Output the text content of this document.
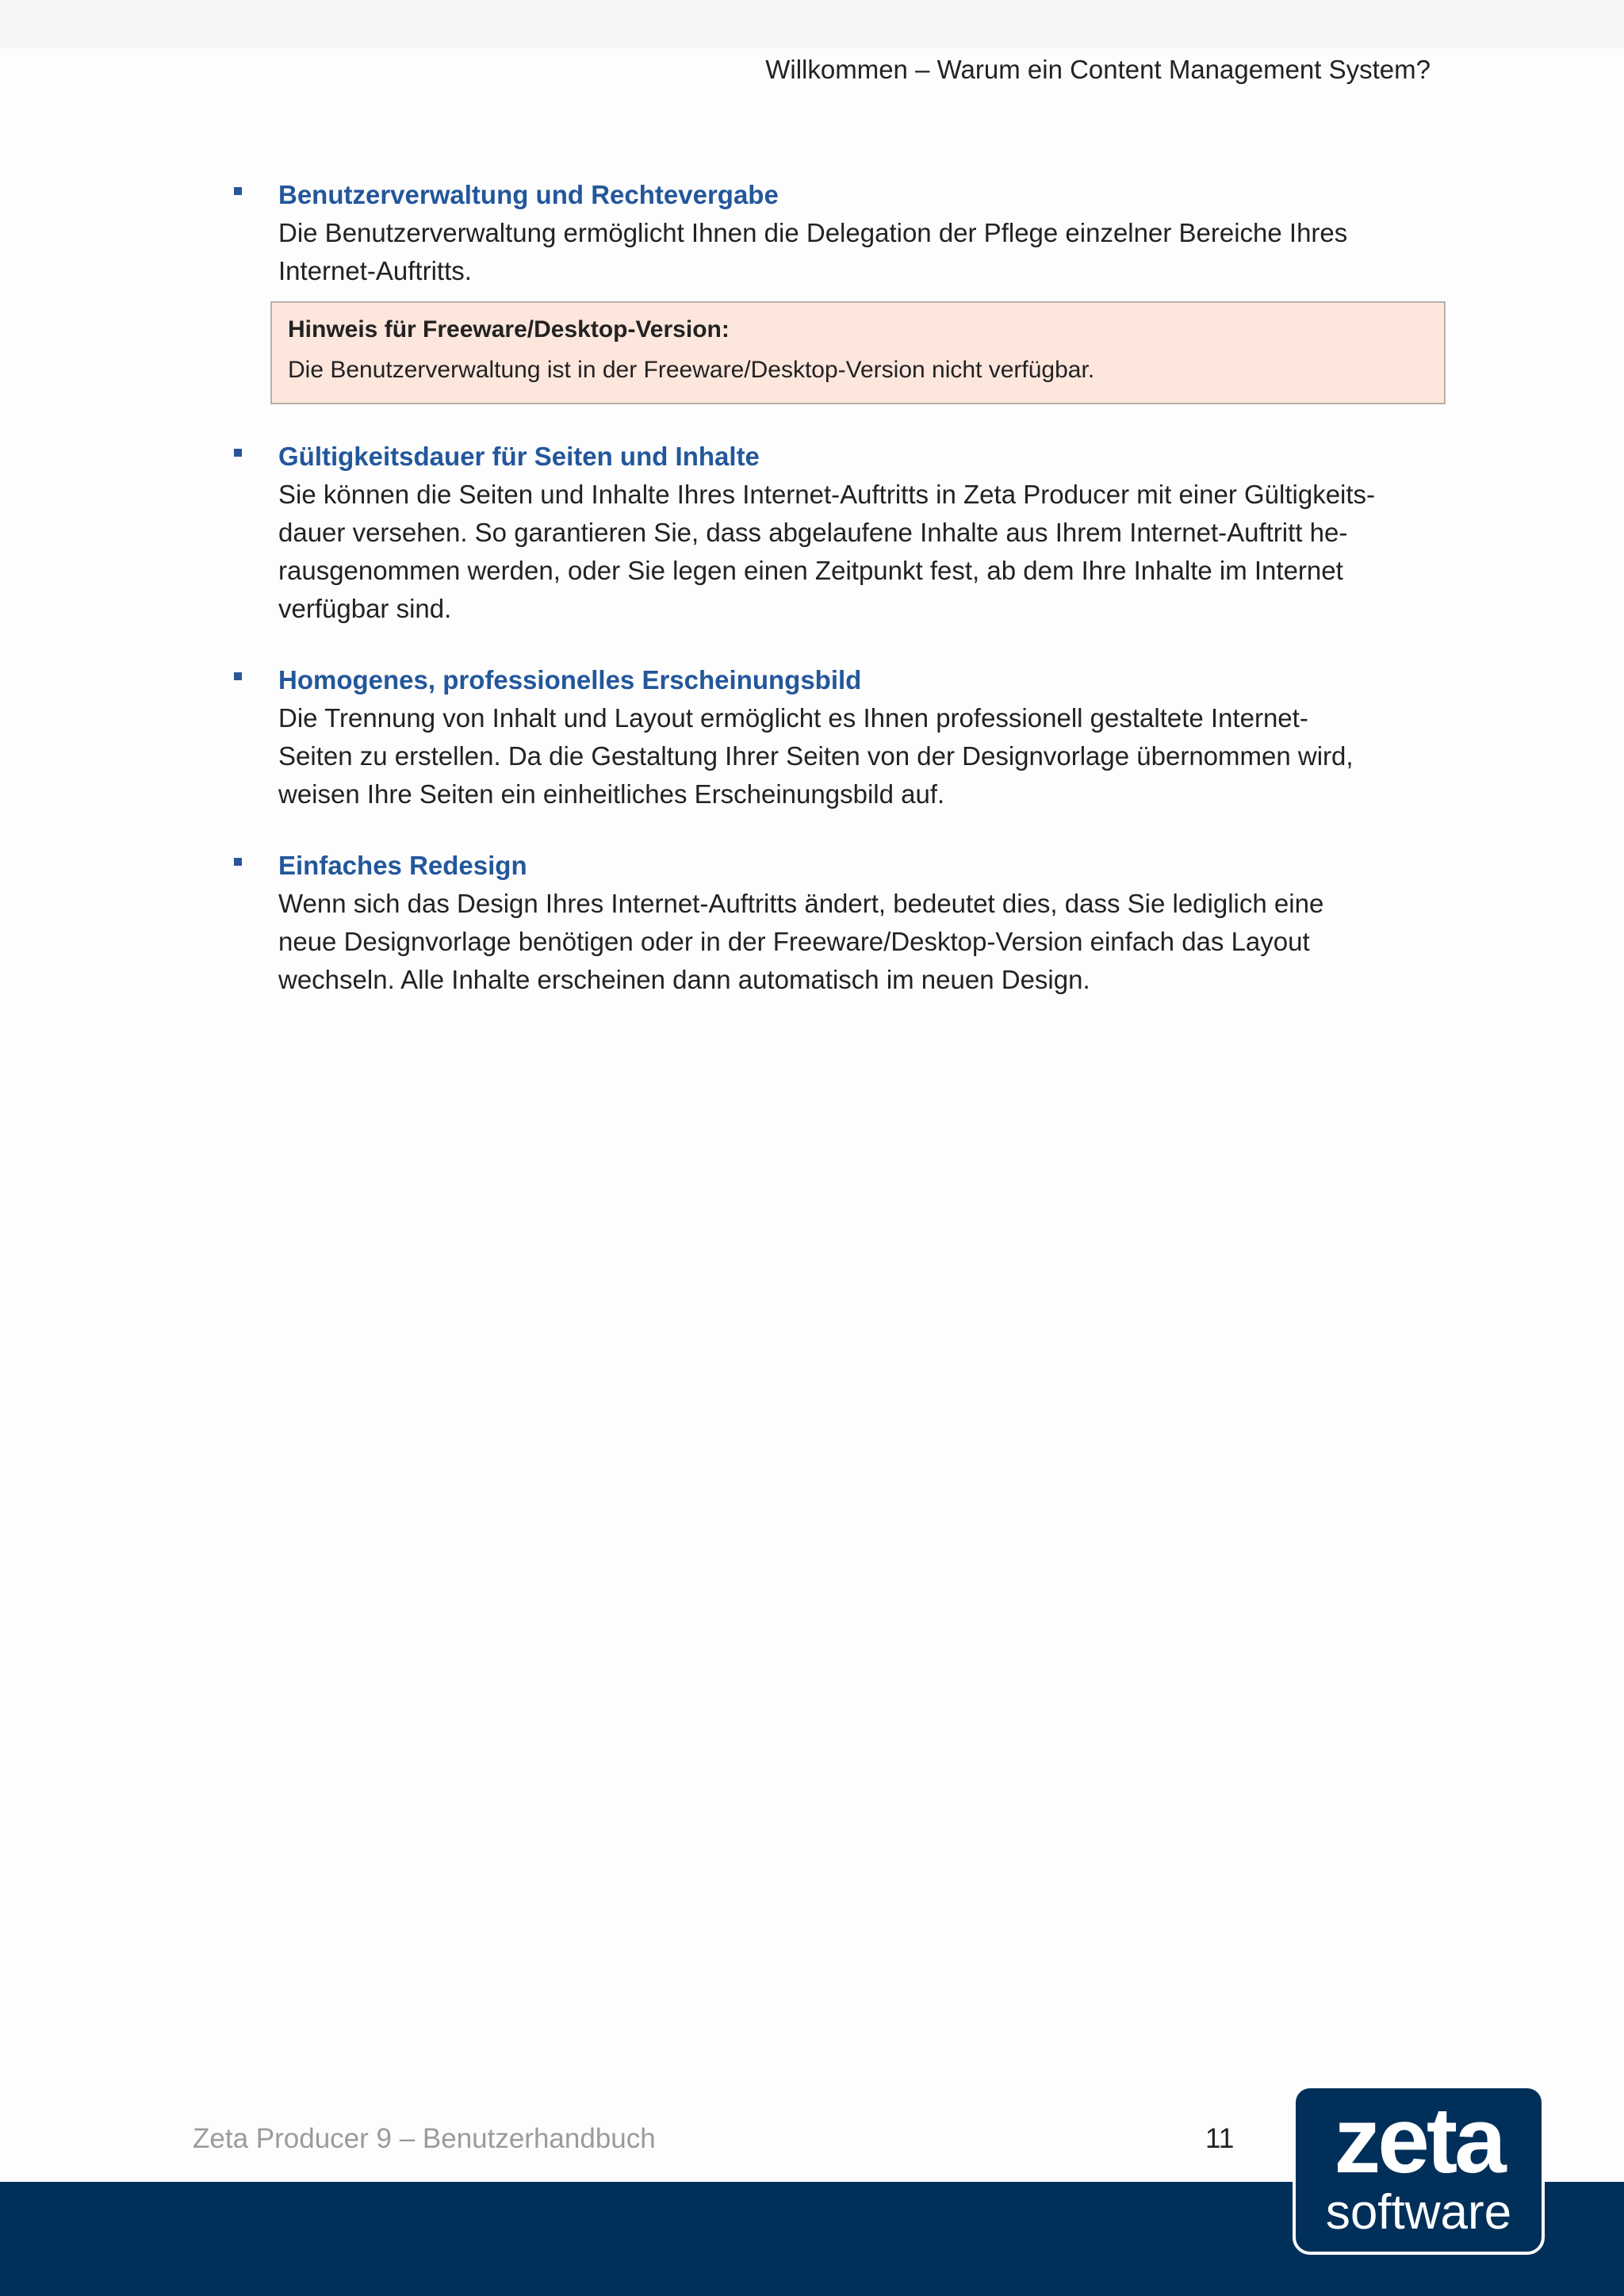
Willkommen – Warum ein Content Management System?

Benutzerverwaltung und Rechtevergabe

Die Benutzerverwaltung ermöglicht Ihnen die Delegation der Pflege einzelner Bereiche Ihres

Internet-Auftritts.

Hinweis für Freeware/Desktop-Version:

Die Benutzerverwaltung ist in der Freeware/Desktop-Version nicht verfügbar.

Gültigkeitsdauer für Seiten und Inhalte

Sie können die Seiten und Inhalte Ihres Internet-Auftritts in Zeta Producer mit einer Gültigkeits-

dauer versehen. So garantieren Sie, dass abgelaufene Inhalte aus Ihrem Internet-Auftritt he-

rausgenommen werden, oder Sie legen einen Zeitpunkt fest, ab dem Ihre Inhalte im Internet

verfügbar sind.

Homogenes, professionelles Erscheinungsbild

Die Trennung von Inhalt und Layout ermöglicht es Ihnen professionell gestaltete Internet-

Seiten zu erstellen. Da die Gestaltung Ihrer Seiten von der Designvorlage übernommen wird,

weisen Ihre Seiten ein einheitliches Erscheinungsbild auf.

Einfaches Redesign

Wenn sich das Design Ihres Internet-Auftritts ändert, bedeutet dies, dass Sie lediglich eine

neue Designvorlage benötigen oder in der Freeware/Desktop-Version einfach das Layout

wechseln. Alle Inhalte erscheinen dann automatisch im neuen Design.

Zeta Producer 9 – Benutzerhandbuch	11	zeta
software
